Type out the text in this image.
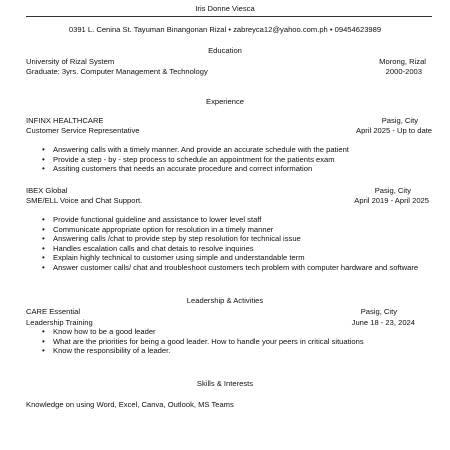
Iris Donne Viesca
0391 L. Cenina St. Tayuman Binangonan Rizal • zabreyca12@yahoo.com.ph • 09454623989
Education
University of Rizal System	Morong, Rizal
Graduate: 3yrs. Computer Management & Technology	2000-2003
Experience
INFINX HEALTHCARE	Pasig, City
Customer Service Representative	April 2025 - Up to date
• Answering calls with a timely manner. And provide an accurate schedule with the patient
• Provide a step - by - step process to schedule an appointment for the patients exam
• Assiting customers that needs an accurate procedure and correct information
IBEX Global	Pasig, City
SME/ELL Voice and Chat Support.	April 2019 - April 2025
• Provide functional guideline and assistance to lower level staff
• Communicate appropriate option for resolution in a timely manner
• Answering calls /chat to provide step by step resolution for technical issue
• Handles escalation calls and chat detais to resolve inquiries
• Explain highly technical to customer using simple and understandable term
• Answer customer calls/ chat and troubleshoot customers tech problem with computer hardware and software
Leadership & Activities
CARE Essential	Pasig, City
Leadership Training	June 18 - 23, 2024
• Know how to be a good leader
• What are the priorities for being a good leader. How to handle your peers in critical situations
• Know the responsibility of a leader.
Skills & Interests
Knowledge on using Word, Excel, Canva, Outlook, MS Teams
